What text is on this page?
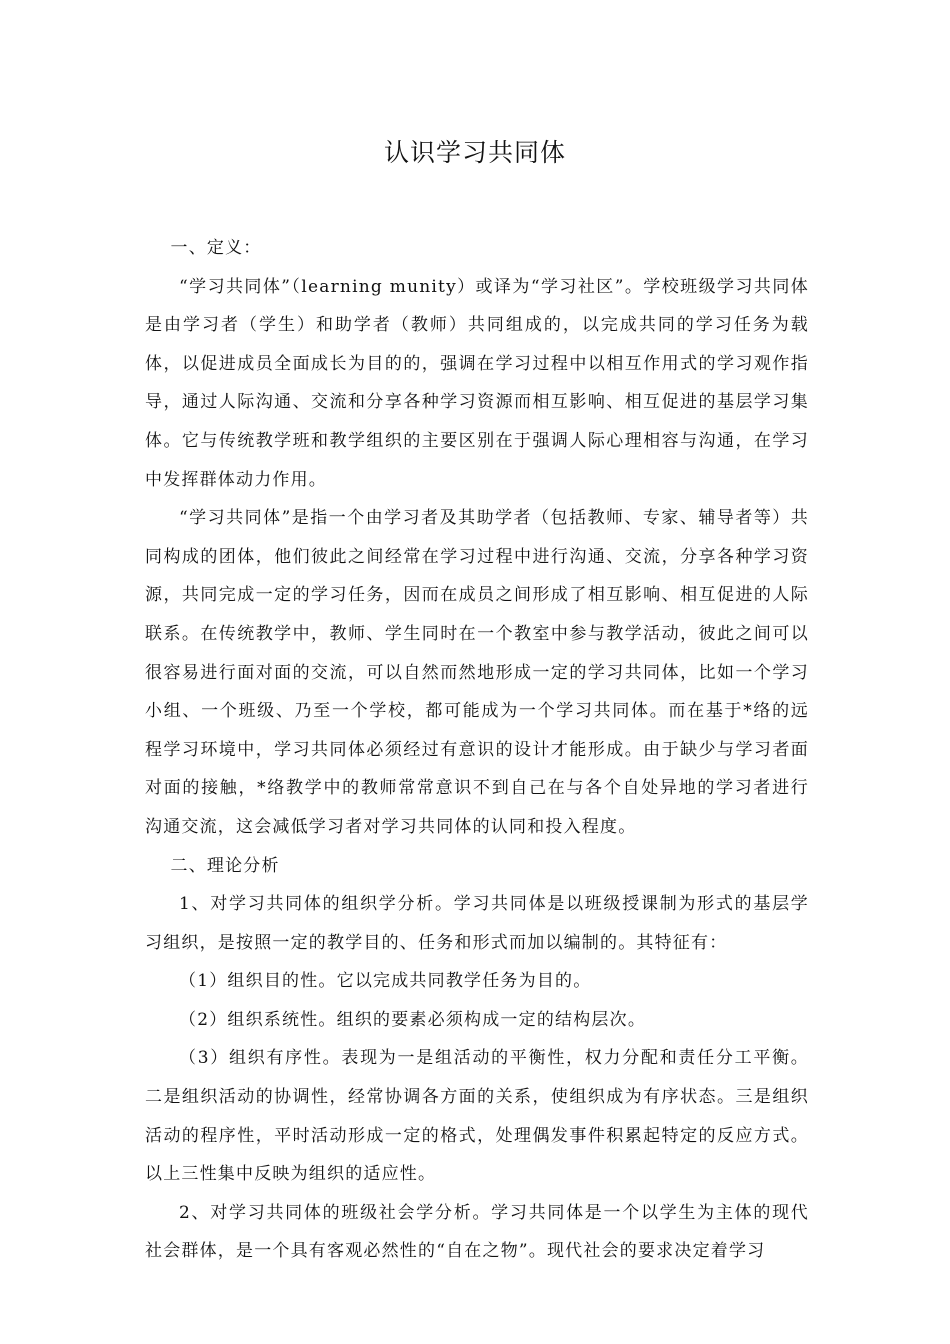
认识学习共同体

一、定义：

“学习共同体”（learning munity）或译为“学习社区”。学校班级学习共同体是由学习者（学生）和助学者（教师）共同组成的，以完成共同的学习任务为载体，以促进成员全面成长为目的的，强调在学习过程中以相互作用式的学习观作指导，通过人际沟通、交流和分享各种学习资源而相互影响、相互促进的基层学习集体。它与传统教学班和教学组织的主要区别在于强调人际心理相容与沟通，在学习中发挥群体动力作用。

“学习共同体”是指一个由学习者及其助学者（包括教师、专家、辅导者等）共同构成的团体，他们彼此之间经常在学习过程中进行沟通、交流，分享各种学习资源，共同完成一定的学习任务，因而在成员之间形成了相互影响、相互促进的人际联系。在传统教学中，教师、学生同时在一个教室中参与教学活动，彼此之间可以很容易进行面对面的交流，可以自然而然地形成一定的学习共同体，比如一个学习小组、一个班级、乃至一个学校，都可能成为一个学习共同体。而在基于*络的远程学习环境中，学习共同体必须经过有意识的设计才能形成。由于缺少与学习者面对面的接触，*络教学中的教师常常意识不到自己在与各个自处异地的学习者进行沟通交流，这会减低学习者对学习共同体的认同和投入程度。

二、理论分析

1、对学习共同体的组织学分析。学习共同体是以班级授课制为形式的基层学习组织，是按照一定的教学目的、任务和形式而加以编制的。其特征有：

（1）组织目的性。它以完成共同教学任务为目的。

（2）组织系统性。组织的要素必须构成一定的结构层次。

（3）组织有序性。表现为一是组活动的平衡性，权力分配和责任分工平衡。二是组织活动的协调性，经常协调各方面的关系，使组织成为有序状态。三是组织活动的程序性，平时活动形成一定的格式，处理偶发事件积累起特定的反应方式。以上三性集中反映为组织的适应性。

2、对学习共同体的班级社会学分析。学习共同体是一个以学生为主体的现代社会群体，是一个具有客观必然性的“自在之物”。现代社会的要求决定着学习
